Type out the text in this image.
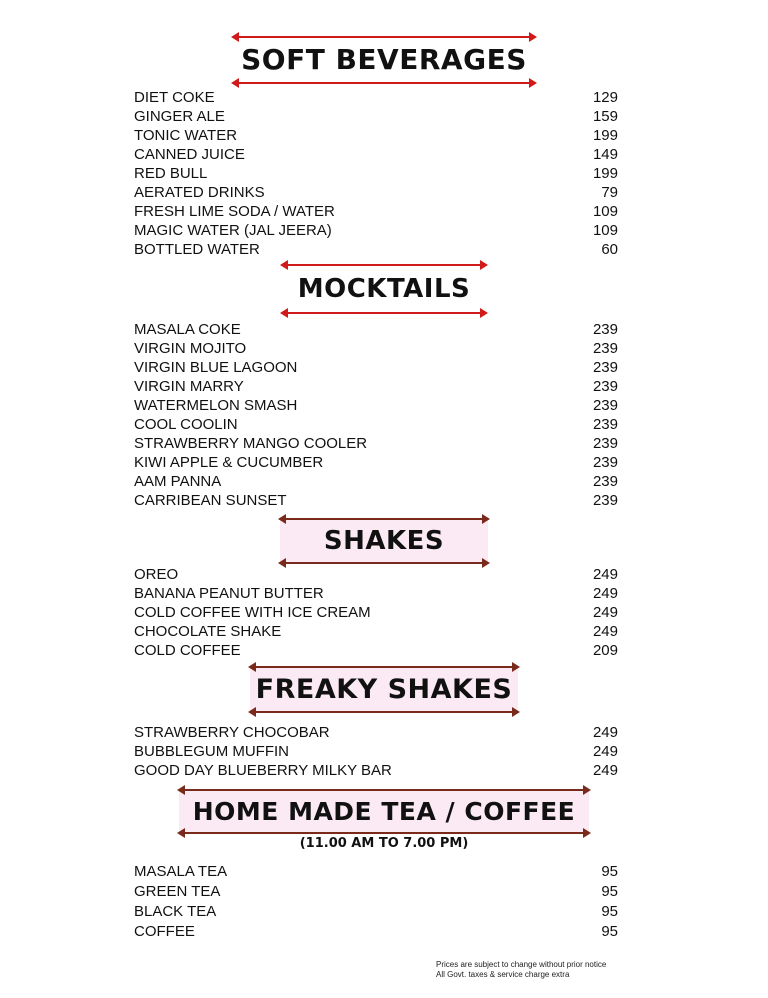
SOFT BEVERAGES
DIET COKE	129
GINGER ALE	159
TONIC WATER	199
CANNED JUICE	149
RED BULL	199
AERATED DRINKS	79
FRESH LIME SODA / WATER	109
MAGIC WATER (JAL JEERA)	109
BOTTLED WATER	60
MOCKTAILS
MASALA COKE	239
VIRGIN MOJITO	239
VIRGIN BLUE LAGOON	239
VIRGIN MARRY	239
WATERMELON SMASH	239
COOL COOLIN	239
STRAWBERRY MANGO COOLER	239
KIWI APPLE & CUCUMBER	239
AAM PANNA	239
CARRIBEAN SUNSET	239
SHAKES
OREO	249
BANANA PEANUT BUTTER	249
COLD COFFEE WITH ICE CREAM	249
CHOCOLATE SHAKE	249
COLD COFFEE	209
FREAKY SHAKES
STRAWBERRY CHOCOBAR	249
BUBBLEGUM MUFFIN	249
GOOD DAY BLUEBERRY MILKY BAR	249
HOME MADE TEA / COFFEE
(11.00 AM TO 7.00 PM)
MASALA TEA	95
GREEN TEA	95
BLACK TEA	95
COFFEE	95
Prices are subject to change without prior notice
All Govt. taxes & service charge extra
